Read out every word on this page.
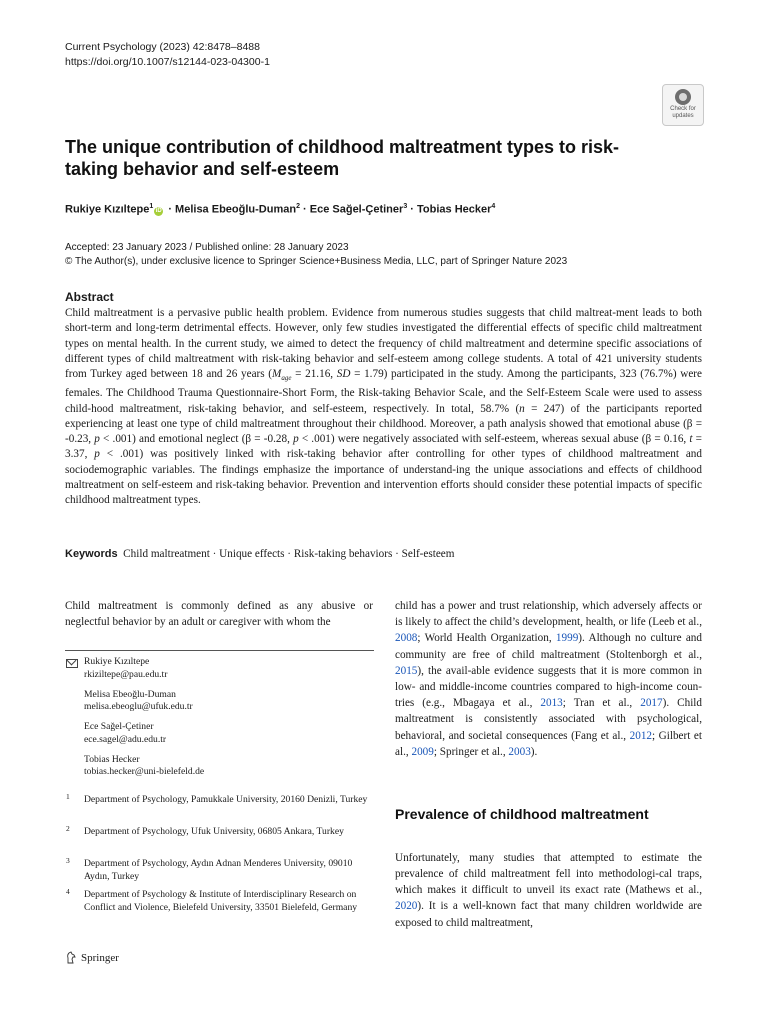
Current Psychology (2023) 42:8478–8488
https://doi.org/10.1007/s12144-023-04300-1
Check for
updates
The unique contribution of childhood maltreatment types to risk-taking behavior and self-esteem
Rukiye Kızıltepe$^1$iD · Melisa Ebeoğlu-Duman$^2$ · Ece Sağel-Çetiner$^3$ · Tobias Hecker$^4$
Accepted: 23 January 2023 / Published online: 28 January 2023
© The Author(s), under exclusive licence to Springer Science+Business Media, LLC, part of Springer Nature 2023
Abstract

Child maltreatment is a pervasive public health problem. Evidence from numerous studies suggests that child maltreat-ment leads to both short-term and long-term detrimental effects. However, only few studies investigated the differential effects of specific child maltreatment types on mental health. In the current study, we aimed to detect the frequency of child maltreatment and determine specific associations of different types of child maltreatment with risk-taking behavior and self-esteem among college students. A total of 421 university students from Turkey aged between 18 and 26 years ($M_{age} = 21.16$, SD = 1.79) participated in the study. Among the participants, 323 (76.7%) were females. The Childhood Trauma Questionnaire-Short Form, the Risk-taking Behavior Scale, and the Self-Esteem Scale were used to assess child-hood maltreatment, risk-taking behavior, and self-esteem, respectively. In total, 58.7% (n = 247) of the participants reported experiencing at least one type of child maltreatment throughout their childhood. Moreover, a path analysis showed that emotional abuse (β = -0.23, p < .001) and emotional neglect (β = -0.28, p < .001) were negatively associated with self-esteem, whereas sexual abuse (β = 0.16, t = 3.37, p < .001) was positively linked with risk-taking behavior after controlling for other types of childhood maltreatment and sociodemographic variables. The findings emphasize the importance of understand-ing the unique associations and effects of childhood maltreatment on self-esteem and risk-taking behavior. Prevention and intervention efforts should consider these potential impacts of specific childhood maltreatment types.

Keywords Child maltreatment · Unique effects · Risk-taking behaviors · Self-esteem

Child maltreatment is commonly defined as any abusive or neglectful behavior by an adult or caregiver with whom the

Rukiye Kızıltepe
rkiziltepe@pau.edu.tr
Melisa Ebeoğlu-Duman
melisa.ebeoglu@ufuk.edu.tr
Ece Sağel-Çetiner
ece.sagel@adu.edu.tr
Tobias Hecker
tobias.hecker@uni-bielefeld.de
1 Department of Psychology, Pamukkale University, 20160 Denizli, Turkey
2 Department of Psychology, Ufuk University, 06805 Ankara, Turkey
3 Department of Psychology, Aydın Adnan Menderes University, 09010 Aydın, Turkey
4 Department of Psychology & Institute of Interdisciplinary Research on Conflict and Violence, Bielefeld University, 33501 Bielefeld, Germany

child has a power and trust relationship, which adversely affects or is likely to affect the child’s development, health, or life (Leeb et al., 2008; World Health Organization, 1999). Although no culture and community are free of child maltreatment (Stoltenborgh et al., 2015), the avail-able evidence suggests that it is more common in low- and middle-income countries compared to high-income coun-tries (e.g., Mbagaya et al., 2013; Tran et al., 2017). Child maltreatment is consistently associated with psychological, behavioral, and societal consequences (Fang et al., 2012; Gilbert et al., 2009; Springer et al., 2003).

Prevalence of childhood maltreatment

Unfortunately, many studies that attempted to estimate the prevalence of child maltreatment fell into methodologi-cal traps, which makes it difficult to unveil its exact rate (Mathews et al., 2020). It is a well-known fact that many children worldwide are exposed to child maltreatment,

Springer
